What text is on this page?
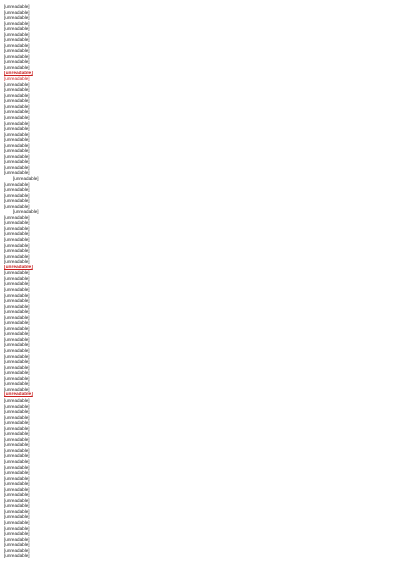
[unreadable]
[unreadable]
[unreadable]
[unreadable]
[unreadable]
[unreadable]
[unreadable]
[unreadable]
[unreadable]
[unreadable]
[unreadable]
[unreadable]
[unreadable]
[unreadable]
[unreadable]
[unreadable]
[unreadable]
[unreadable]
[unreadable]
[unreadable]
[unreadable]
[unreadable]
[unreadable]
[unreadable]
[unreadable]
[unreadable]
[unreadable]
[unreadable]
[unreadable]
[unreadable]
[unreadable]
[unreadable]
[unreadable]
[unreadable]
[unreadable]
[unreadable]
[unreadable]
[unreadable]
[unreadable]
[unreadable]
[unreadable]
[unreadable]
[unreadable]
[unreadable]
[unreadable]
[unreadable]
[unreadable]
[unreadable]
[unreadable]
[unreadable]
[unreadable]
[unreadable]
[unreadable]
[unreadable]
[unreadable]
[unreadable]
[unreadable]
[unreadable]
[unreadable]
[unreadable]
[unreadable]
[unreadable]
[unreadable]
[unreadable]
[unreadable]
[unreadable]
[unreadable]
[unreadable]
[unreadable]
[unreadable]
[unreadable]
[unreadable]
[unreadable]
[unreadable]
[unreadable]
[unreadable]
[unreadable]
[unreadable]
[unreadable]
[unreadable]
[unreadable]
[unreadable]
[unreadable]
[unreadable]
[unreadable]
[unreadable]
[unreadable]
[unreadable]
[unreadable]
[unreadable]
[unreadable]
[unreadable]
[unreadable]
[unreadable]
[unreadable]
[unreadable]
[unreadable]
[unreadable]
[unreadable]
[unreadable]
